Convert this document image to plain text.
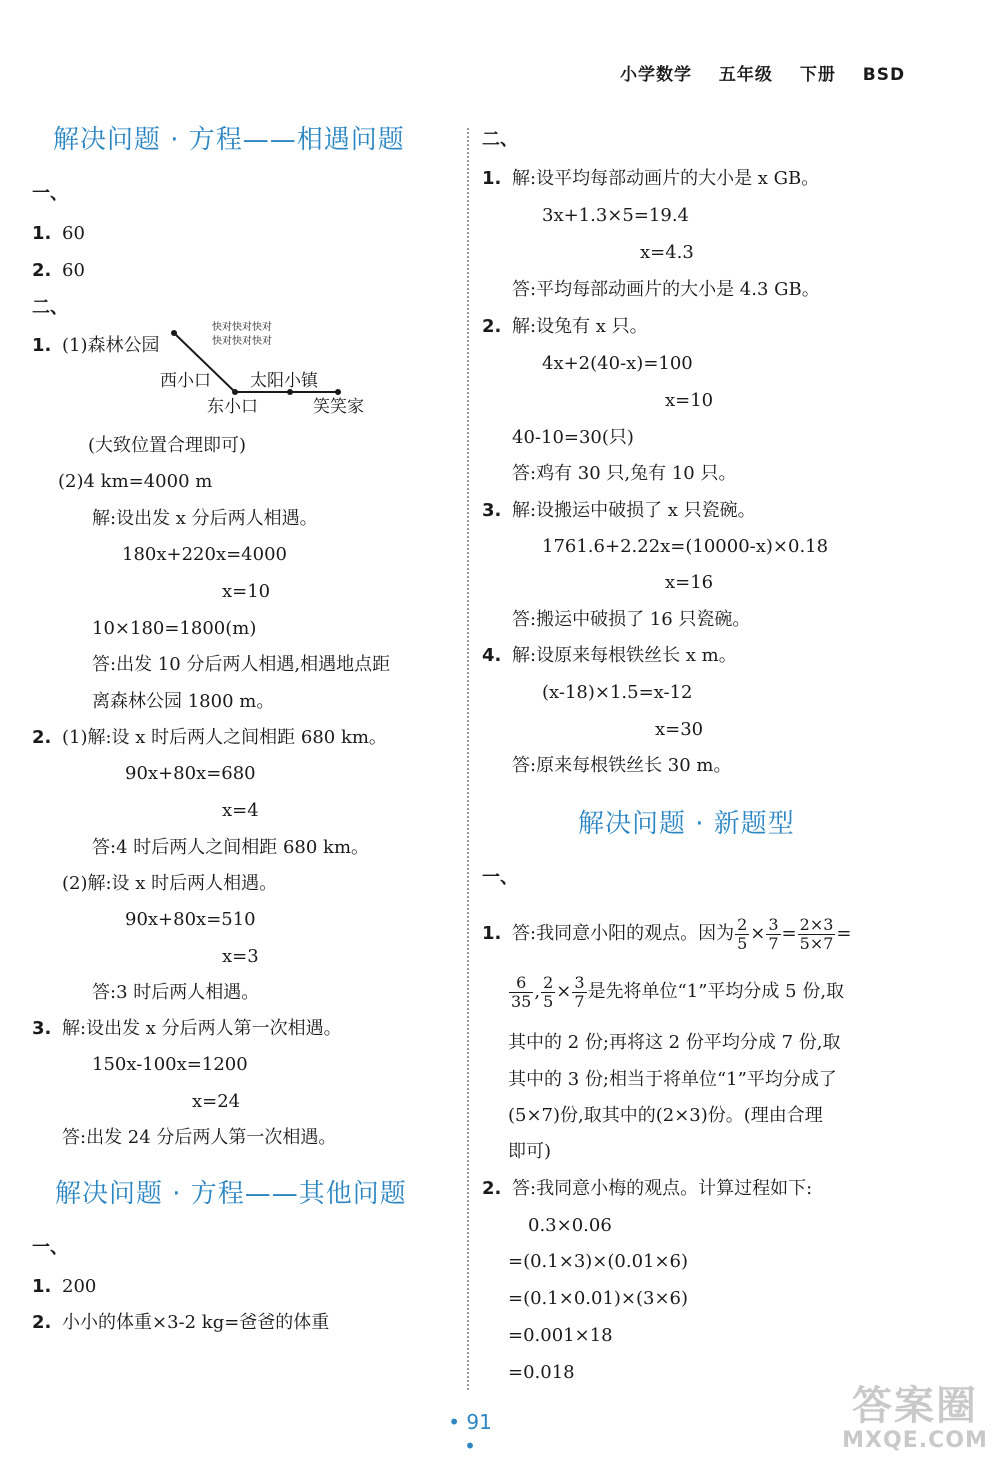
小学数学 五年级 下册 BSD
解决问题 · 方程——相遇问题
一、
1. 60
2. 60
二、
1. (1)森林公园
快对快对快对
快对快对快对
西小口 太阳小镇
东小口	笑笑家
(大致位置合理即可)
(2)4 km=4000 m
解:设出发 x 分后两人相遇。
180x+220x=4000
x=10
10×180=1800(m)
答:出发 10 分后两人相遇,相遇地点距
离森林公园 1800 m。
2. (1)解:设 x 时后两人之间相距 680 km。
90x+80x=680
x=4
答:4 时后两人之间相距 680 km。
(2)解:设 x 时后两人相遇。
90x+80x=510
x=3
答:3 时后两人相遇。
3. 解:设出发 x 分后两人第一次相遇。
150x-100x=1200
x=24
答:出发 24 分后两人第一次相遇。
解决问题 · 方程——其他问题
一、
1. 200
2. 小小的体重×3-2 kg=爸爸的体重
二、
1. 解:设平均每部动画片的大小是 x GB。
3x+1.3×5=19.4
x=4.3
答:平均每部动画片的大小是 4.3 GB。
2. 解:设兔有 x 只。
4x+2(40-x)=100
x=10
40-10=30(只)
答:鸡有 30 只,兔有 10 只。
3. 解:设搬运中破损了 x 只瓷碗。
1761.6+2.22x=(10000-x)×0.18
x=16
答:搬运中破损了 16 只瓷碗。
4. 解:设原来每根铁丝长 x m。
(x-18)×1.5=x-12
x=30
答:原来每根铁丝长 30 m。
解决问题 · 新题型
一、
1. 答:我同意小阳的观点。因为 $\frac{2}{5} \times \frac{3}{7} = \frac{2\times 3}{5\times 7}$ =
$\frac{6}{35}$ , $\frac{2}{5} \times \frac{3}{7}$ 是先将单位“1”平均分成 5 份,取
其中的 2 份;再将这 2 份平均分成 7 份,取
其中的 3 份;相当于将单位“1”平均分成了
(5×7)份,取其中的(2×3)份。(理由合理
即可)
2. 答:我同意小梅的观点。计算过程如下:
0.3×0.06
=(0.1×3)×(0.01×6)
=(0.1×0.01)×(3×6)
=0.001×18
=0.018
• 91 •
答案圈
MXQE.COM
